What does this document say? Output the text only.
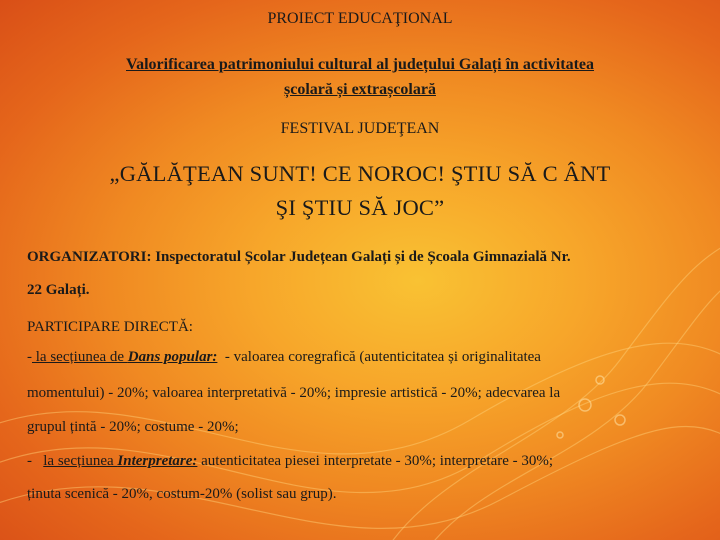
PROIECT EDUCAŢIONAL
Valorificarea patrimoniului cultural al județului Galați în activitatea
școlară și extrașcolară
FESTIVAL JUDEŢEAN
„GĂLĂŢEAN SUNT! CE NOROC! ŞTIU SĂ C ÂNT
ŞI ŞTIU SĂ JOC”
ORGANIZATORI: Inspectoratul Școlar Județean Galați și de Școala Gimnazială Nr.
22 Galați.
PARTICIPARE DIRECTĂ:
- la secțiunea de Dans popular: - valoarea coregrafică (autenticitatea și originalitatea
momentului) - 20%; valoarea interpretativă - 20%; impresie artistică - 20%; adecvarea la
grupul țintă - 20%; costume - 20%;
- la secțiunea Interpretare: autenticitatea piesei interpretate - 30%; interpretare - 30%;
ținuta scenică - 20%, costum-20% (solist sau grup).
